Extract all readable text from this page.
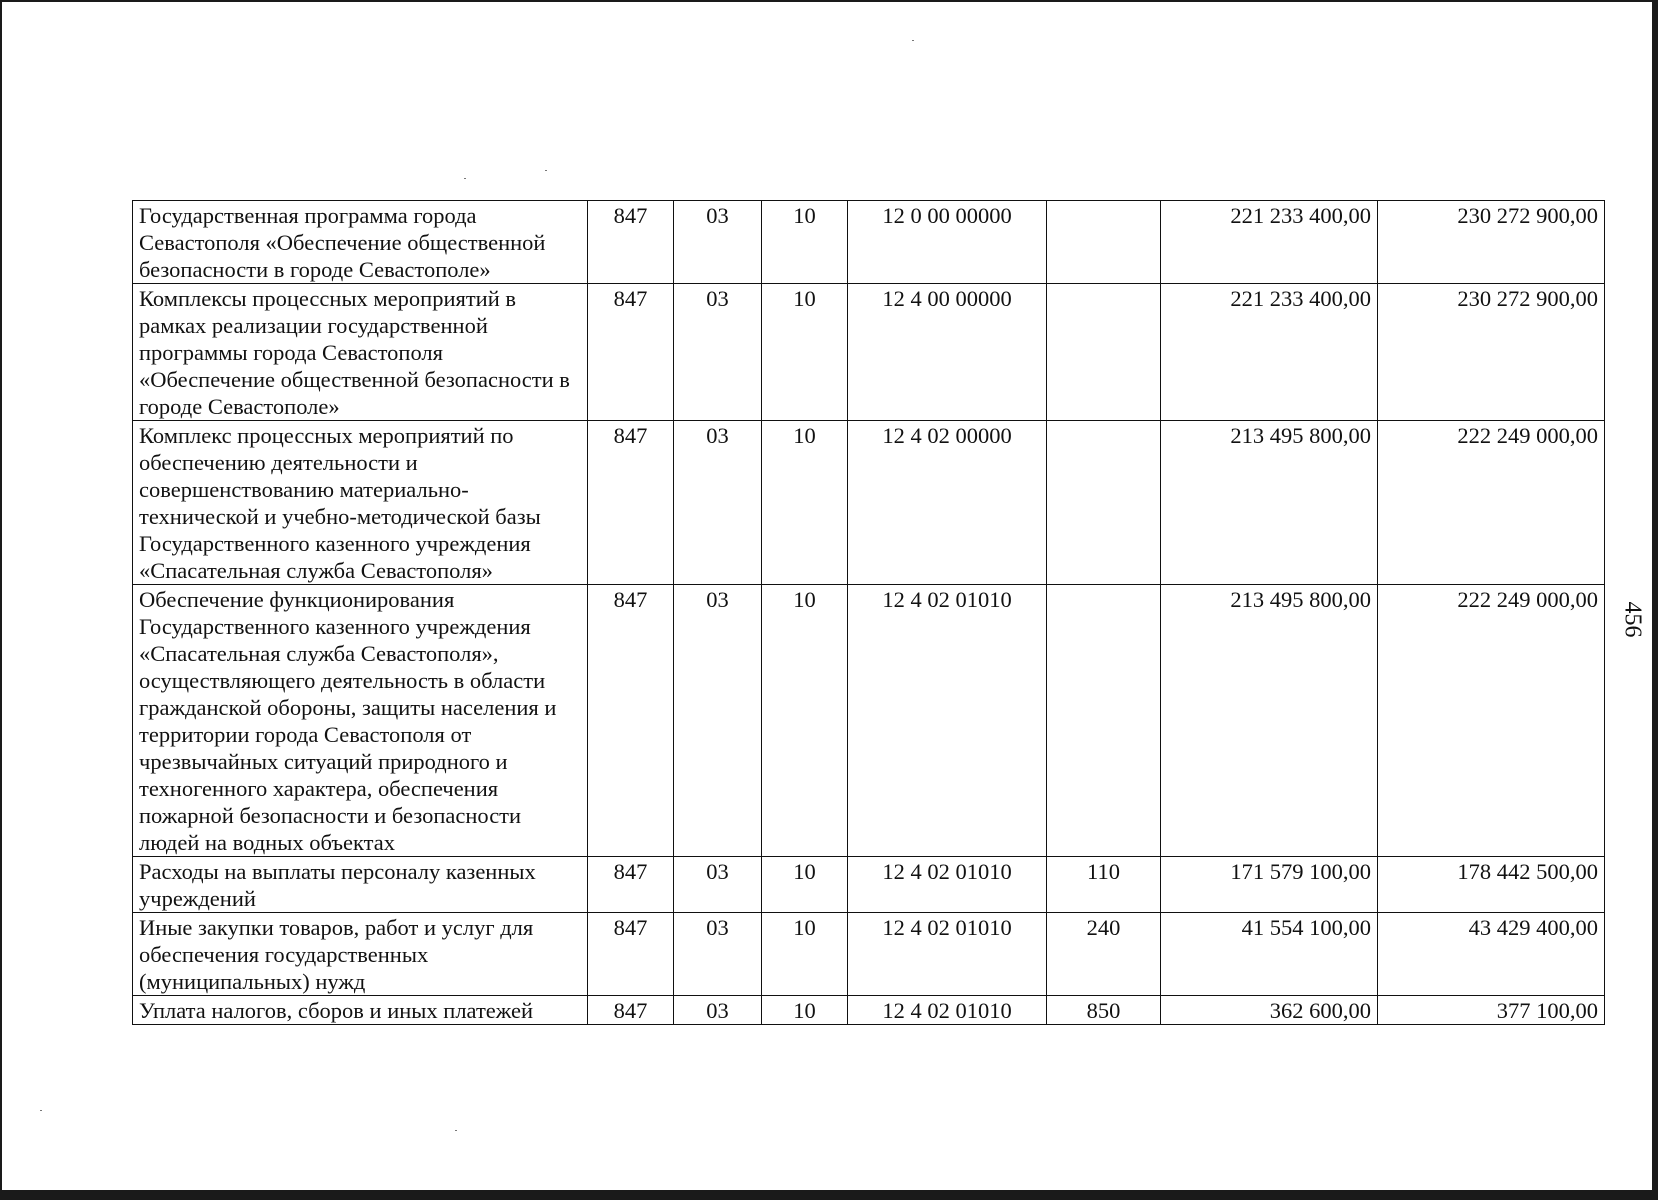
Государственная программа города Севастополя «Обеспечение общественной безопасности в городе Севастополе»	847	03	10	12 0 00 00000		221 233 400,00	230 272 900,00
Комплексы процессных мероприятий в рамках реализации государственной программы города Севастополя «Обеспечение общественной безопасности в городе Севастополе»	847	03	10	12 4 00 00000		221 233 400,00	230 272 900,00
Комплекс процессных мероприятий по обеспечению деятельности и совершенствованию материально-технической и учебно-методической базы Государственного казенного учреждения «Спасательная служба Севастополя»	847	03	10	12 4 02 00000		213 495 800,00	222 249 000,00
Обеспечение функционирования Государственного казенного учреждения «Спасательная служба Севастополя», осуществляющего деятельность в области гражданской обороны, защиты населения и территории города Севастополя от чрезвычайных ситуаций природного и техногенного характера, обеспечения пожарной безопасности и безопасности людей на водных объектах	847	03	10	12 4 02 01010		213 495 800,00	222 249 000,00
Расходы на выплаты персоналу казенных учреждений	847	03	10	12 4 02 01010	110	171 579 100,00	178 442 500,00
Иные закупки товаров, работ и услуг для обеспечения государственных (муниципальных) нужд	847	03	10	12 4 02 01010	240	41 554 100,00	43 429 400,00
Уплата налогов, сборов и иных платежей	847	03	10	12 4 02 01010	850	362 600,00	377 100,00
456
